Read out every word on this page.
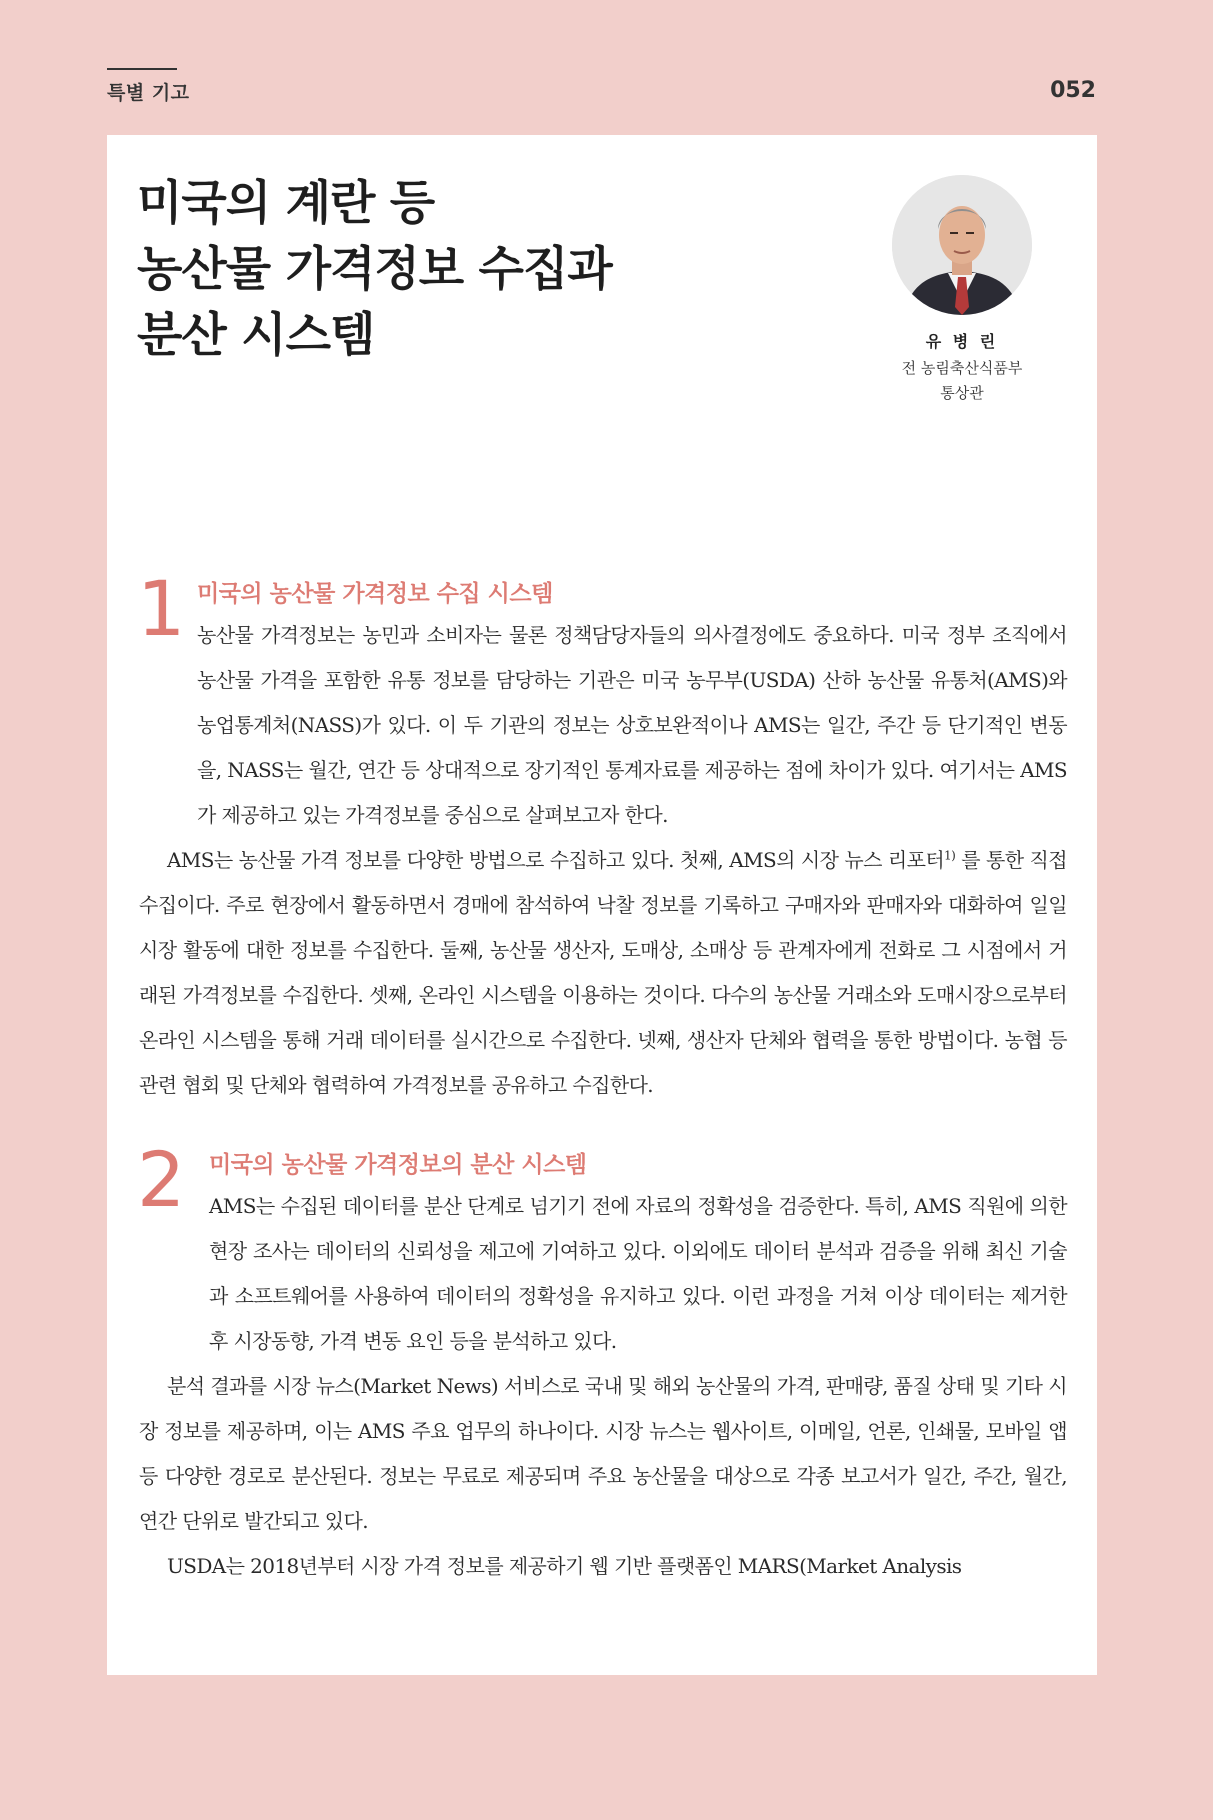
특별 기고	052
미국의 계란 등
농산물 가격정보 수집과
분산 시스템	유 병 린
전 농림축산식품부
통상관
1 미국의 농산물 가격정보 수집 시스템

농산물 가격정보는 농민과 소비자는 물론 정책담당자들의 의사결정에도 중요하다. 미국 정부 조직에서 농산물 가격을 포함한 유통 정보를 담당하는 기관은 미국 농무부(USDA) 산하 농산물 유통처(AMS)와 농업통계처(NASS)가 있다. 이 두 기관의 정보는 상호보완적이나 AMS는 일간, 주간 등 단기적인 변동을, NASS는 월간, 연간 등 상대적으로 장기적인 통계자료를 제공하는 점에 차이가 있다. 여기서는 AMS가 제공하고 있는 가격정보를 중심으로 살펴보고자 한다.

AMS는 농산물 가격 정보를 다양한 방법으로 수집하고 있다. 첫째, AMS의 시장 뉴스 리포터$^{1)}$ 를 통한 직접 수집이다. 주로 현장에서 활동하면서 경매에 참석하여 낙찰 정보를 기록하고 구매자와 판매자와 대화하여 일일 시장 활동에 대한 정보를 수집한다. 둘째, 농산물 생산자, 도매상, 소매상 등 관계자에게 전화로 그 시점에서 거래된 가격정보를 수집한다. 셋째, 온라인 시스템을 이용하는 것이다. 다수의 농산물 거래소와 도매시장으로부터 온라인 시스템을 통해 거래 데이터를 실시간으로 수집한다. 넷째, 생산자 단체와 협력을 통한 방법이다. 농협 등 관련 협회 및 단체와 협력하여 가격정보를 공유하고 수집한다.

2 미국의 농산물 가격정보의 분산 시스템

AMS는 수집된 데이터를 분산 단계로 넘기기 전에 자료의 정확성을 검증한다. 특히, AMS 직원에 의한 현장 조사는 데이터의 신뢰성을 제고에 기여하고 있다. 이외에도 데이터 분석과 검증을 위해 최신 기술과 소프트웨어를 사용하여 데이터의 정확성을 유지하고 있다. 이런 과정을 거쳐 이상 데이터는 제거한 후 시장동향, 가격 변동 요인 등을 분석하고 있다.

분석 결과를 시장 뉴스(Market News) 서비스로 국내 및 해외 농산물의 가격, 판매량, 품질 상태 및 기타 시장 정보를 제공하며, 이는 AMS 주요 업무의 하나이다. 시장 뉴스는 웹사이트, 이메일, 언론, 인쇄물, 모바일 앱 등 다양한 경로로 분산된다. 정보는 무료로 제공되며 주요 농산물을 대상으로 각종 보고서가 일간, 주간, 월간, 연간 단위로 발간되고 있다.

USDA는 2018년부터 시장 가격 정보를 제공하기 웹 기반 플랫폼인 MARS(Market Analysis
